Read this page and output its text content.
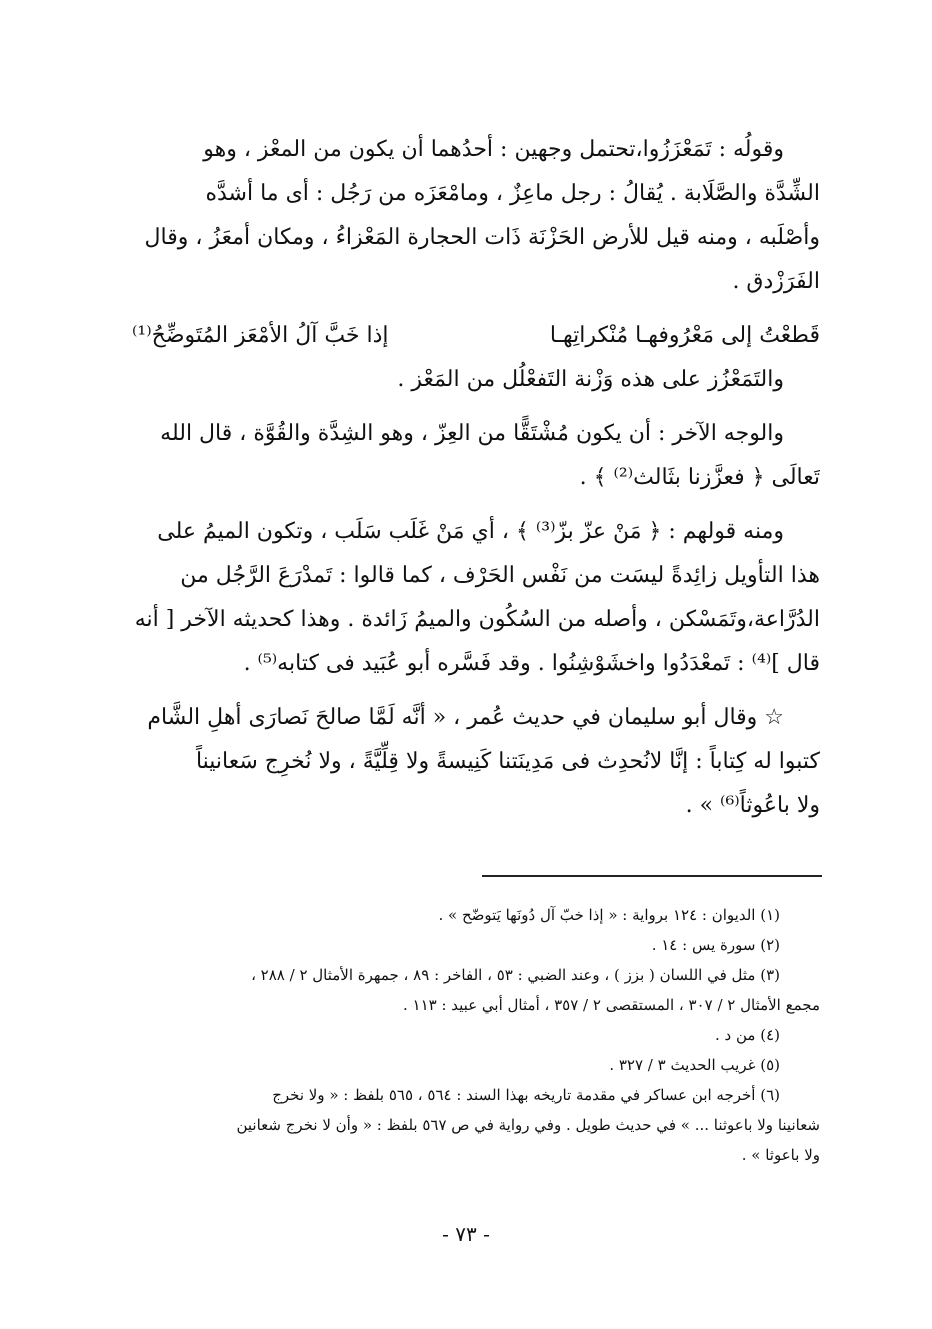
وقولُه : تَمَعْزَزُوا،تحتمل وجهين : أحدُهما أن يكون من المعْز ، وهو
الشِّدَّة والصَّلَابة . يُقالُ : رجل ماعِزٌ ، ومامْعَزَه من رَجُل : أى ما أشدَّه
وأصْلَبه ، ومنه قيل للأرض الحَزْنَة ذَات الحجارة المَعْزاءُ ، ومكان أمعَزُ ، وقال
الفَرَزْدق .
قَطعْتُ إلى مَعْرُوفهـا مُنْكراتِهـا
إذا خَبَّ آلُ الأمْعَز المُتَوضِّحُ⁽¹⁾
والتَمَعْزُز على هذه وَزْنة التَفعْلُل من المَعْز .
والوجه الآخر : أن يكون مُشْتَقًّا من العِزّ ، وهو الشِدَّة والقُوَّة ، قال الله
تَعالَى ﴿ فعزَّزنا بثَالث⁽²⁾ ﴾ .
ومنه قولهم : ﴿ مَنْ عزّ بزّ⁽³⁾ ﴾ ، أي مَنْ غَلَب سَلَب ، وتكون الميمُ على
هذا التأويل زائِدةً ليسَت من نَفْس الحَرْف ، كما قالوا : تَمدْرَعَ الرَّجُل من
الدُرَّاعة،وتَمَسْكن ، وأصله من السُكُون والميمُ زَائدة . وهذا كحديثه الآخر [ أنه
قال ]⁽⁴⁾ : تَمعْدَدُوا واخشَوْشِنُوا . وقد فَسَّره أبو عُبَيد فى كتابه⁽⁵⁾ .
☆ وقال أبو سليمان في حديث عُمر ، « أنَّه لَمَّا صالحَ نَصارَى أهلِ الشَّام
كتبوا له كِتاباً : إنَّا لانُحدِث فى مَدِينَتنا كَنِيسةً ولا قِلِّيَّةً ، ولا نُخرِج سَعانيناً
ولا باعُوثاً⁽⁶⁾ » .
(١) الديوان : ١٢٤ برواية : « إذا خبّ آل دُونَها يَتوضّح » .
(٢) سورة يس : ١٤ .
(٣) مثل في اللسان ( بزز ) ، وعند الضبي : ٥٣ ، الفاخر : ٨٩ ، جمهرة الأمثال ٢ / ٢٨٨ ،
مجمع الأمثال ٢ / ٣٠٧ ، المستقصى ٢ / ٣٥٧ ، أمثال أبي عبيد : ١١٣ .
(٤) من د .
(٥) غريب الحديث ٣ / ٣٢٧ .
(٦) أخرجه ابن عساكر في مقدمة تاريخه بهذا السند : ٥٦٤ ، ٥٦٥ بلفظ : « ولا نخرج
شعانينا ولا باعوثنا ... » في حديث طويل . وفي رواية في ص ٥٦٧ بلفظ : « وأن لا نخرج شعانين
ولا باعوثا » .
- ٧٣ -
